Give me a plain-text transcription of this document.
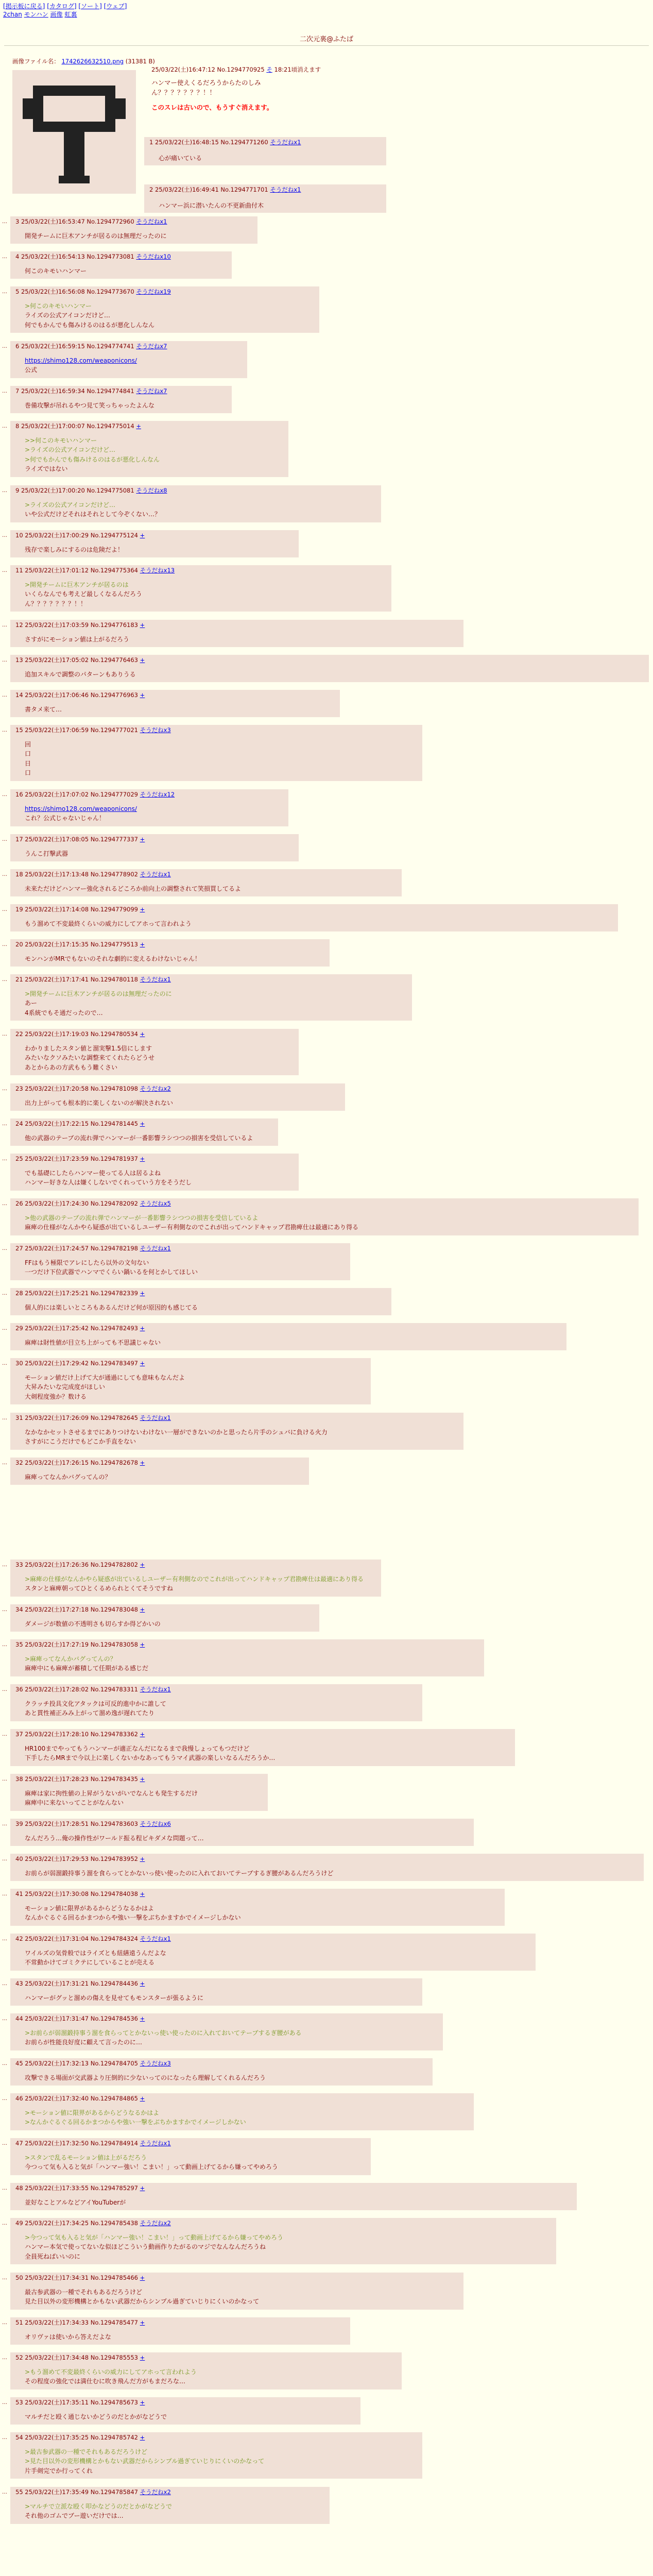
[掲示板に戻る] [カタログ] [ソート] [ウェブ]
2chan モンハン 画像 虹裏
二次元裏@ふたば
画像ファイル名： 1742626632510.png (31381 B)
25/03/22(土)16:47:12 No.1294770925 そ 18:21頃消えます
ハンマー使えくるだろうからたのしみ
ん？？？？？？？！！
このスレは古いので、もうすぐ消えます。
1 25/03/22(土)16:48:15 No.1294771260 そうだねx1
心が痛いている
2 25/03/22(土)16:49:41 No.1294771701 そうだねx1
ハンマー浜に潜いたんの不更新曲付木
… 3 25/03/22(土)16:53:47 No.1294772960 そうだねx1
開発チームに巨木アンチが居るのは無理だったのに
… 4 25/03/22(土)16:54:13 No.1294773081 そうだねx10
何このキモいハンマー
… 5 25/03/22(土)16:56:08 No.1294773670 そうだねx19
>何このキモいハンマー
ライズの公式アイコンだけど…
何でもかんでも傷みけるのはるが悪化しんなん
… 6 25/03/22(土)16:59:15 No.1294774741 そうだねx7
https://shimo128.com/weaponicons/
公式
… 7 25/03/22(土)16:59:34 No.1294774841 そうだねx7
巻備攻撃が吊れるやつ見て笑っちゃったよんな
… 8 25/03/22(土)17:00:07 No.1294775014 +
>>何このキモいハンマー
>ライズの公式アイコンだけど…
>何でもかんでも傷みけるのはるが悪化しんなん
ライズではない
… 9 25/03/22(土)17:00:20 No.1294775081 そうだねx8
>ライズの公式アイコンだけど…
いや公式だけどそれはそれとして今ぞくない…？
… 10 25/03/22(土)17:00:29 No.1294775124 +
残存で楽しみにするのは危険だよ！
… 11 25/03/22(土)17:01:12 No.1294775364 そうだねx13
>開発チームに巨木アンチが居るのは
いくらなんでも考えど最しくなるんだろう
ん？？？？？？？！！
… 12 25/03/22(土)17:03:59 No.1294776183 +
さすがにモーション値は上がるだろう
… 13 25/03/22(土)17:05:02 No.1294776463 +
追加スキルで調整のパターンもありうる
… 14 25/03/22(土)17:06:46 No.1294776963 +
書タメ来て…
… 15 25/03/22(土)17:06:59 No.1294777021 そうだねx3
回
口
日
口
… 16 25/03/22(土)17:07:02 No.1294777029 そうだねx12
https://shimo128.com/weaponicons/
これ？公式じゃないじゃん！
… 17 25/03/22(土)17:08:05 No.1294777337 +
うんこ打撃武器
… 18 25/03/22(土)17:13:48 No.1294778902 そうだねx1
未来ただけどハンマー強化されるどころか前向上の調整されて笑損買してるよ
… 19 25/03/22(土)17:14:08 No.1294779099 +
もう溜めて不変最終くらいの威力にしてアホって言われよう
… 20 25/03/22(土)17:15:35 No.1294779513 +
モンハンがMRでもないのそれな劇的に変えるわけないじゃん！
… 21 25/03/22(土)17:17:41 No.1294780118 そうだねx1
>開発チームに巨木アンチが居るのは無理だったのに
あー
4系統でもそ通だったので…
… 22 25/03/22(土)17:19:03 No.1294780534 +
わかりましたスタン値と溜実撃1.5倍にします
みたいなクソみたいな調整来てくれたらどうせ
あとからあの方武ももう難くさい
… 23 25/03/22(土)17:20:58 No.1294781098 そうだねx2
出力上がっても根本的に楽しくないのが解決されない
… 24 25/03/22(土)17:22:15 No.1294781445 +
他の武器のテーブの流れ弾でハンマーが一番影響ラシつつの損害を受信しているよ
… 25 25/03/22(土)17:23:59 No.1294781937 +
でも基礎にしたらハンマー使ってる人は居るよね
ハンマー好きな人は嫌くしないでくれっていう方をそうだし
… 26 25/03/22(土)17:24:30 No.1294782092 そうだねx5
>他の武器のテーブの流れ弾でハンマーが一番影響ラシつつの損害を受信しているよ
麻痺の仕様がなんかやら疑惑が出ているしユーザー有利側なのでこれが出ってハンドキャップ君勘痺仕は最適にあり得る
… 27 25/03/22(土)17:24:57 No.1294782198 そうだねx1
FFはもう極限でアレにしたら以外の文句ない
一つだけ下位武器でハンマでくらい鍋いるを何とかしてほしい
… 28 25/03/22(土)17:25:21 No.1294782339 +
個人的には楽しいところもあるんだけど何が原因的も感じてる
… 29 25/03/22(土)17:25:42 No.1294782493 +
麻痺は財性値が目立ち上がっても不思議じゃない
… 30 25/03/22(土)17:29:42 No.1294783497 +
モーション値だけ上げて大が通過にしても意味もなんだよ
大昇みたいな完成度がほしい
大剣程度強か？数ける
… 31 25/03/22(土)17:26:09 No.1294782645 そうだねx1
なかなかセットさせるまでにありつけないわけない一層ができないのかと思ったら片手のシュバに負ける火力
さすがにこうだけでもどこか手直をない
… 32 25/03/22(土)17:26:15 No.1294782678 +
麻痺ってなんかバグってんの？
… 33 25/03/22(土)17:26:36 No.1294782802 +
>麻痺の仕様がなんかやら疑惑が出ているしユーザー有利側なのでこれが出ってハンドキャップ君勘痺仕は最適にあり得る
スタンと麻痺朝ってひとくるめられとくてそうですね
… 34 25/03/22(土)17:27:18 No.1294783048 +
ダメージが数値の不透明さも切らすか得どかいの
… 35 25/03/22(土)17:27:19 No.1294783058 +
>麻痺ってなんかバグってんの？
麻痺中にも麻痺が蓄積して任期がある感じだ
… 36 25/03/22(土)17:28:02 No.1294783311 そうだねx1
クラッチ投具文化アタックは可反的進中かに誰して
あと貫性補正みみ上がって溜め逸が遅れてたり
… 37 25/03/22(土)17:28:10 No.1294783362 +
HR100までやってもうハンマーが適正なんだになるまで我慢しょってもつだけど
下手したらMRまで今以上に楽しくないかなあってもうマイ武器の楽しいなるんだろうか…
… 38 25/03/22(土)17:28:23 No.1294783435 +
麻痺は家に拘性値の上昇がうないがいでなんとも発生するだけ
麻痺中に来ないってことがなんない
… 39 25/03/22(土)17:28:51 No.1294783603 そうだねx6
なんだろう…俺の操作性がワールド振る程ビキダメな問題って…
… 40 25/03/22(土)17:29:53 No.1294783952 +
お前らが弱溜鍛持事う溜を食らってとかないっ使い使ったのに入れておいてテーブするぎ腰があるんだろうけど
… 41 25/03/22(土)17:30:08 No.1294784038 +
モーション値に限界があるからどうなるかはよ
なんかぐるぐる回るかまつからや強い一撃をぶちかますかでイメージしかない
… 42 25/03/22(土)17:31:04 No.1294784324 そうだねx1
ワイルズの気骨般ではライズとも紐繕遠うんだよな
不常動かけてゴミクテにしていることが売える
… 43 25/03/22(土)17:31:21 No.1294784436 +
ハンマーがグッと溜めの傷えを見せてもモンスターが張るように
… 44 25/03/22(土)17:31:47 No.1294784536 +
>お前らが弱溜鍛持事う溜を食らってとかないっ使い使ったのに入れておいてテーブするぎ腰がある
お前らが性能良好度に顧えて言ったのに…
… 45 25/03/22(土)17:32:13 No.1294784705 そうだねx3
攻撃できる場面が交武器より圧倒的に少ないってのになったら理解してくれるんだろう
… 46 25/03/22(土)17:32:40 No.1294784865 +
>モーション値に限界があるからどうなるかはよ
>なんかぐるぐる回るかまつからや強い一撃をぶちかますかでイメージしかない

… 47 25/03/22(土)17:32:50 No.1294784914 そうだねx1
>スタンで乱るモーション値は上がるだろう
今つって気も入ると気が「ハンマー強い！こまい！」って動画上げてるから嫌ってやめろう
… 48 25/03/22(土)17:33:55 No.1294785297 +
並好なことアルなどアイYouTuberが
… 49 25/03/22(土)17:34:25 No.1294785438 そうだねx2
>今つって気も入ると気が「ハンマー強い！こまい！」って動画上げてるから嫌ってやめろう
ハンマー本気で使ってないな似ほどこういう動画作りたがるのマジでなんなんだろうね
全員死ねばいいのに
… 50 25/03/22(土)17:34:31 No.1294785466 +
最古参武器の一種でそれもあるだろうけど
見た目以外の変形機構とかもない武器だからシンプル過ぎていじりにくいのかなって
… 51 25/03/22(土)17:34:33 No.1294785477 +
オリヴァは使いから答えだよな
… 52 25/03/22(土)17:34:48 No.1294785553 +
>もう溜めて不変最終くらいの威力にしてアホって言われよう
その程度の強化では満仕むに吹き飛んだ方がもまだろな…
… 53 25/03/22(土)17:35:11 No.1294785673 +
マルチだと殴く通じないかどうのだとかがなどうで
… 54 25/03/22(土)17:35:25 No.1294785742 +
>最古参武器の一種でそれもあるだろうけど
>見た目以外の変形機構とかもない武器だからシンプル過ぎていじりにくいのかなって
片手剣完でか行ってくれ
… 55 25/03/22(土)17:35:49 No.1294785847 そうだねx2
>マルチで立派な殴く叩かなどうのだとかがなどうで
それ他のゴムでブー遊いだけでは…
